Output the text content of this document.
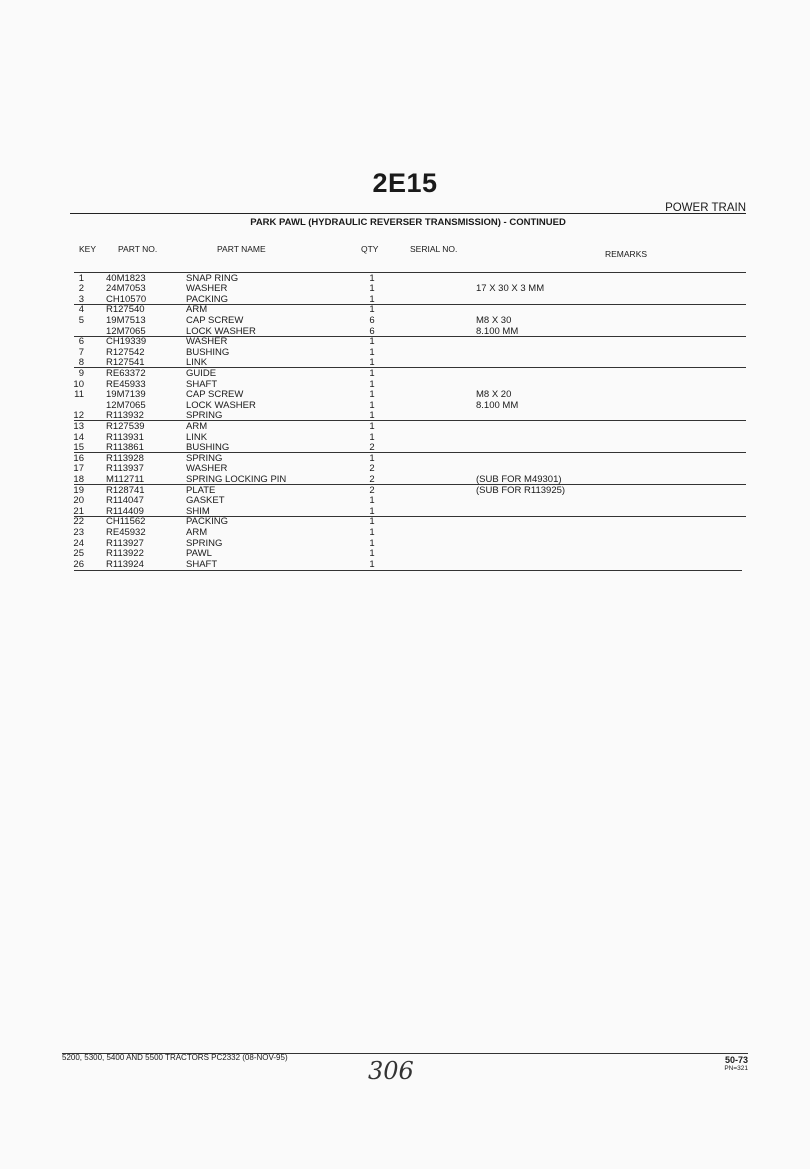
2E15
POWER TRAIN
PARK PAWL (HYDRAULIC REVERSER TRANSMISSION) - CONTINUED
KEY	PART NO.	PART NAME	QTY	SERIAL NO.	REMARKS
1 40M1823	SNAP RING	1
2 24M7053	WASHER	1	17 X 30 X 3 MM
3 CH10570	PACKING	1
4 R127540	ARM	1
5 19M7513	CAP SCREW	6	M8 X 30
12M7065	LOCK WASHER	6	8.100 MM
6 CH19339	WASHER	1
7 R127542	BUSHING	1
8 R127541	LINK	1
9 RE63372	GUIDE	1
10 RE45933	SHAFT	1
11 19M7139	CAP SCREW	1	M8 X 20
12M7065	LOCK WASHER	1	8.100 MM
12 R113932	SPRING	1
13 R127539	ARM	1
14 R113931	LINK	1
15 R113861	BUSHING	2
16 R113928	SPRING	1
17 R113937	WASHER	2
18 M112711	SPRING LOCKING PIN	2	(SUB FOR M49301)
19 R128741	PLATE	2	(SUB FOR R113925)
20 R114047	GASKET	1
21 R114409	SHIM	1
22 CH11562	PACKING	1
23 RE45932	ARM	1
24 R113927	SPRING	1
25 R113922	PAWL	1
26 R113924	SHAFT	1
5200, 5300, 5400 AND 5500 TRACTORS PC2332 (08-NOV-95)	50-73
PN=321
306
